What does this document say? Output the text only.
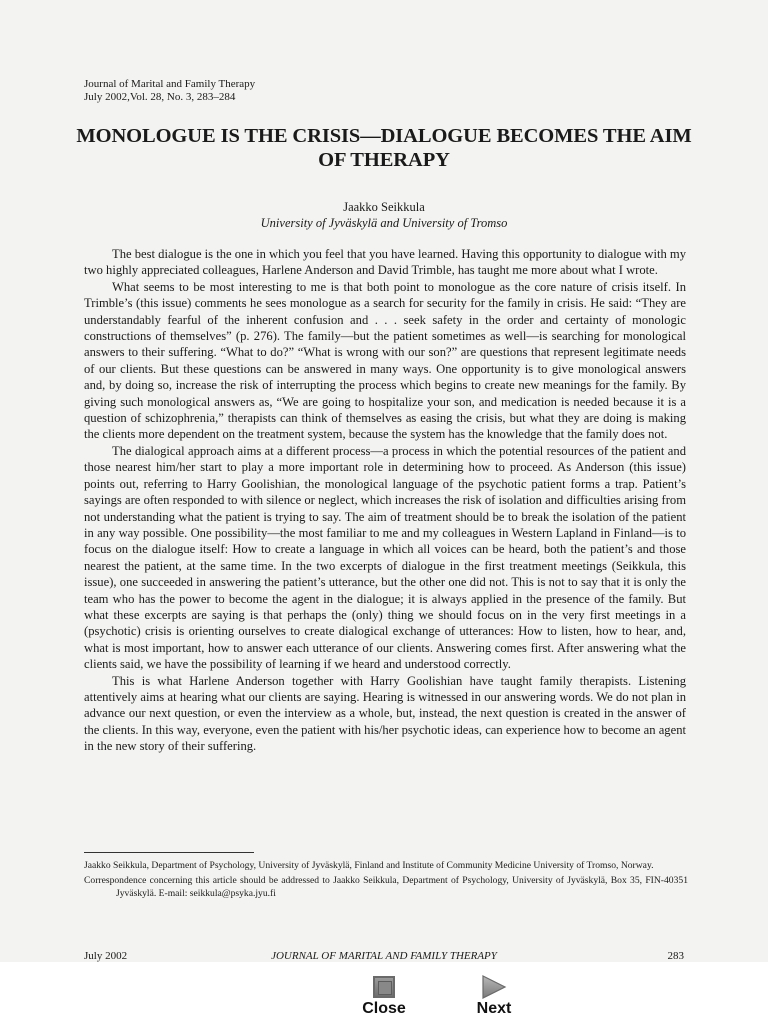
Journal of Marital and Family Therapy
July 2002,Vol. 28, No. 3, 283–284
MONOLOGUE IS THE CRISIS—DIALOGUE BECOMES THE AIM OF THERAPY
Jaakko Seikkula
University of Jyväskylä and University of Tromso

The best dialogue is the one in which you feel that you have learned. Having this opportunity to dialogue with my two highly appreciated colleagues, Harlene Anderson and David Trimble, has taught me more about what I wrote.

What seems to be most interesting to me is that both point to monologue as the core nature of crisis itself. In Trimble’s (this issue) comments he sees monologue as a search for security for the family in crisis. He said: “They are understandably fearful of the inherent confusion and . . . seek safety in the order and certainty of monologic constructions of themselves” (p. 276). The family—but the patient sometimes as well—is searching for monological answers to their suffering. “What to do?” “What is wrong with our son?” are questions that represent legitimate needs of our clients. But these questions can be answered in many ways. One opportunity is to give monological answers and, by doing so, increase the risk of interrupting the process which begins to create new meanings for the family. By giving such monological answers as, “We are going to hospitalize your son, and medication is needed because it is a question of schizophrenia,” therapists can think of themselves as easing the crisis, but what they are doing is making the clients more dependent on the treatment system, because the system has the knowledge that the family does not.

The dialogical approach aims at a different process—a process in which the potential resources of the patient and those nearest him/her start to play a more important role in determining how to proceed. As Anderson (this issue) points out, referring to Harry Goolishian, the monological language of the psychotic patient forms a trap. Patient’s sayings are often responded to with silence or neglect, which increases the risk of isolation and difficulties arising from not understanding what the patient is trying to say. The aim of treatment should be to break the isolation of the patient in any way possible. One possibility—the most familiar to me and my colleagues in Western Lapland in Finland—is to focus on the dialogue itself: How to create a language in which all voices can be heard, both the patient’s and those nearest the patient, at the same time. In the two excerpts of dialogue in the first treatment meetings (Seikkula, this issue), one succeeded in answering the patient’s utterance, but the other one did not. This is not to say that it is only the team who has the power to become the agent in the dialogue; it is always applied in the presence of the family. But what these excerpts are saying is that perhaps the (only) thing we should focus on in the very first meetings in a (psychotic) crisis is orienting ourselves to create dialogical exchange of utterances: How to listen, how to hear, and, what is most important, how to answer each utterance of our clients. Answering comes first. After answering what the clients said, we have the possibility of learning if we heard and understood correctly.

This is what Harlene Anderson together with Harry Goolishian have taught family therapists. Listening attentively aims at hearing what our clients are saying. Hearing is witnessed in our answering words. We do not plan in advance our next question, or even the interview as a whole, but, instead, the next question is created in the answer of the clients. In this way, everyone, even the patient with his/her psychotic ideas, can experience how to become an agent in the new story of their suffering.

Jaakko Seikkula, Department of Psychology, University of Jyväskylä, Finland and Institute of Community Medicine University of Tromso, Norway.

Correspondence concerning this article should be addressed to Jaakko Seikkula, Department of Psychology, University of Jyväskylä, Box 35, FIN-40351 Jyväskylä. E-mail: seikkula@psyka.jyu.fi

July 2002	JOURNAL OF MARITAL AND FAMILY THERAPY	283
Close	Next
